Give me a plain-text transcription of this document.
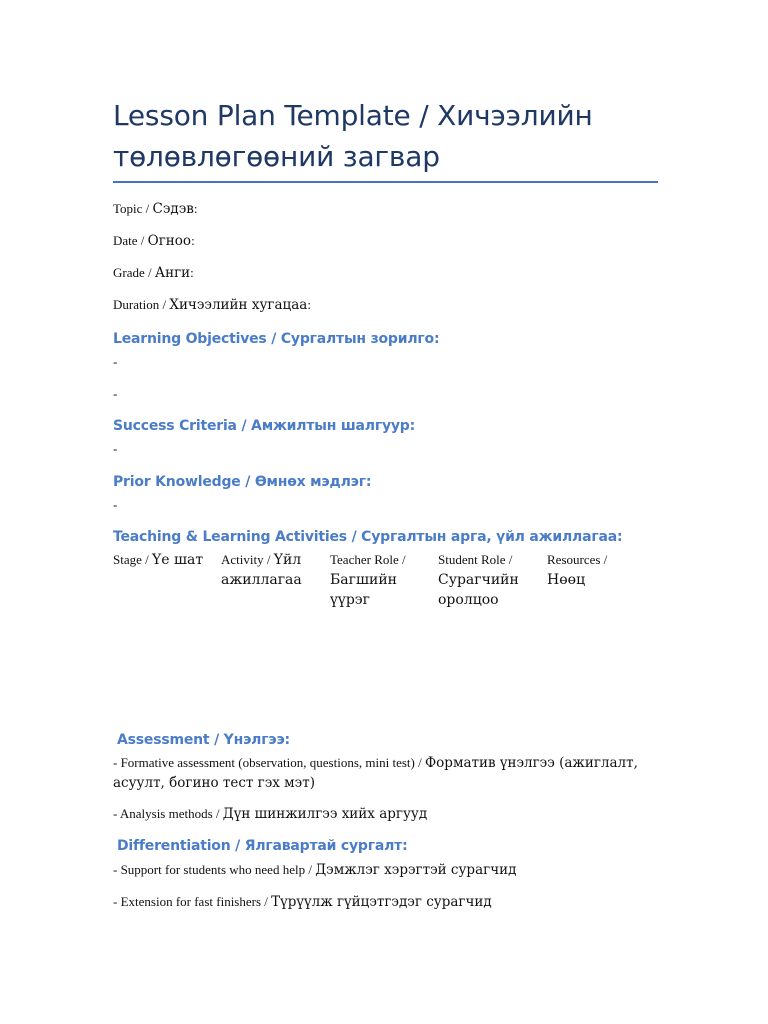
Lesson Plan Template / Хичээлийн төлөвлөгөөний загвар

Topic / Сэдэв:

Date / Огноо:

Grade / Анги:

Duration / Хичээлийн хугацаа:

Learning Objectives / Сургалтын зорилго:
-
-
Success Criteria / Амжилтын шалгуур:
-
Prior Knowledge / Өмнөх мэдлэг:
-
Teaching & Learning Activities / Сургалтын арга, үйл ажиллагаа:
Stage / Үе шат	Activity / Үйл ажиллагаа
Teacher Role / Багшийн үүрэг
Student Role / Сурагчийн оролцоо
Resources / Нөөц
Assessment / Үнэлгээ:
- Formative assessment (observation, questions, mini test) / Форматив үнэлгээ (ажиглалт, асуулт, богино тест гэх мэт)
- Analysis methods / Дүн шинжилгээ хийх аргууд
Differentiation / Ялгавартай сургалт:
- Support for students who need help / Дэмжлэг хэрэгтэй сурагчид
- Extension for fast finishers / Түрүүлж гүйцэтгэдэг сурагчид
